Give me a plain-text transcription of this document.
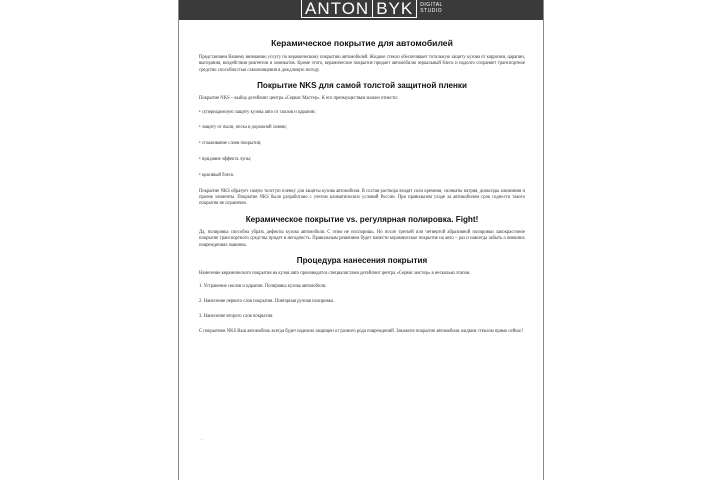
ANTON BYK	DIGITAL
STUDIO
Керамическое покрытие для автомобилей

Представляем Вашему вниманию услугу по керамическому покрытию автомобилей. Жидкое стекло обеспечивает тотальную защиту кузова от коррозии, царапин, выгорания, воздействия реагентов и химикатов. Кроме этого, керамическое покрытие придает автомобилю зеркальный блеск и надолго сохраняет транспортное средство способностью самоочищения в дождливую погоду.

Покрытие NKS для самой толстой защитной пленки

Покрытие NKS – выбор детейлинг центра «Сервис Мастер». К его преимуществам можно отнести:

• супернадежную защиту кузова авто от сколов и царапин;
• защиту от пыли, песка и дорожной химии;
• сглаживание слоев покрытия;
• придание эффекта лупы;
• красивый блеск.

Покрытие NKS образует самую толстую пленку для защиты кузова автомобиля. В состав раствора входят соли кремния, силикаты натрия, диоксиды алюминия и прочие элементы. Покрытие NKS было разработано с учетом климатических условий России. При правильном уходе за автомобилем срок годности такого покрытия не ограничен.

Керамическое покрытие vs. регулярная полировка. Fight!

Да, полировка способна убрать дефекты кузова автомобиля. С этим не поспоришь. Но после третьей или четвертой абразивной полировки лакокрасочное покрытие транспортного средства придет в негодность. Правильным решением будет нанести керамическое покрытие на авто – раз и навсегда забыть о внешних повреждениях машины.

Процедура нанесения покрытия

Нанесение керамического покрытия на кузов авто производится специалистами детейлинг центра «Сервис мастер» в несколько этапов.

1. Устранение сколов и царапин. Полировка кузова автомобиля.

2. Нанесение первого слоя покрытия. Повторная ручная полировка.

3. Нанесение второго слоя покрытия.

С покрытием NKS Ваш автомобиль всегда будет надежно защищен от разного рода повреждений. Закажите покрытие автомобиля жидким стеклом прямо сейчас!

.
